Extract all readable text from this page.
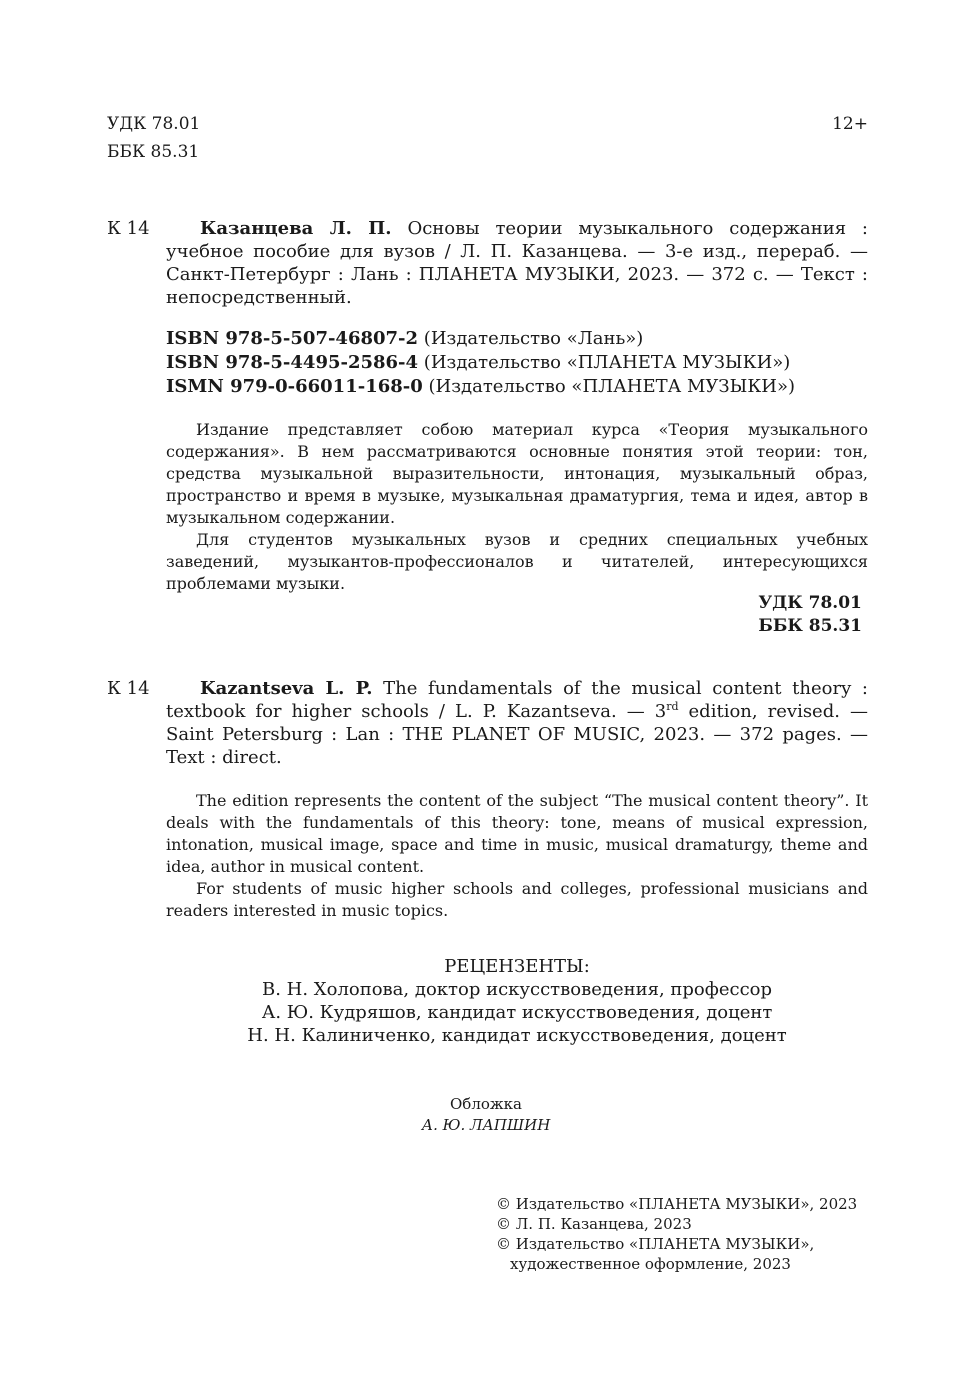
УДК 78.01
ББК 85.31
12+
К 14	Казанцева Л. П. Основы теории музыкального содержания : учебное пособие для вузов / Л. П. Казанцева. — 3-е изд., перераб. — Санкт-Петербург : Лань : ПЛАНЕТА МУЗЫКИ, 2023. — 372 с. — Текст : непосредственный.
ISBN 978-5-507-46807-2 (Издательство «Лань»)
ISBN 978-5-4495-2586-4 (Издательство «ПЛАНЕТА МУЗЫКИ»)
ISMN 979-0-66011-168-0 (Издательство «ПЛАНЕТА МУЗЫКИ»)

Издание представляет собою материал курса «Теория музыкального содержания». В нем рассматриваются основные понятия этой теории: тон, средства музыкальной выразительности, интонация, музыкальный образ, пространство и время в музыке, музыкальная драматургия, тема и идея, автор в музыкальном содержании.

Для студентов музыкальных вузов и средних специальных учебных заведений, музыкантов-профессионалов и читателей, интересующихся проблемами музыки.

УДК 78.01
ББК 85.31
К 14	Kazantseva L. P. The fundamentals of the musical content theory : textbook for higher schools / L. P. Kazantseva. — 3rd edition, revised. — Saint Petersburg : Lan : THE PLANET OF MUSIC, 2023. — 372 pages. — Text : direct.

The edition represents the content of the subject “The musical content theory”. It deals with the fundamentals of this theory: tone, means of musical expression, intonation, musical image, space and time in music, musical dramaturgy, theme and idea, author in musical content.

For students of music higher schools and colleges, professional musicians and readers interested in music topics.

РЕЦЕНЗЕНТЫ:
В. Н. Холопова, доктор искусствоведения, профессор
А. Ю. Кудряшов, кандидат искусствоведения, доцент
Н. Н. Калиниченко, кандидат искусствоведения, доцент
Обложка
А. Ю. ЛАПШИН
© Издательство «ПЛАНЕТА МУЗЫКИ», 2023
© Л. П. Казанцева, 2023
© Издательство «ПЛАНЕТА МУЗЫКИ», художественное оформление, 2023
